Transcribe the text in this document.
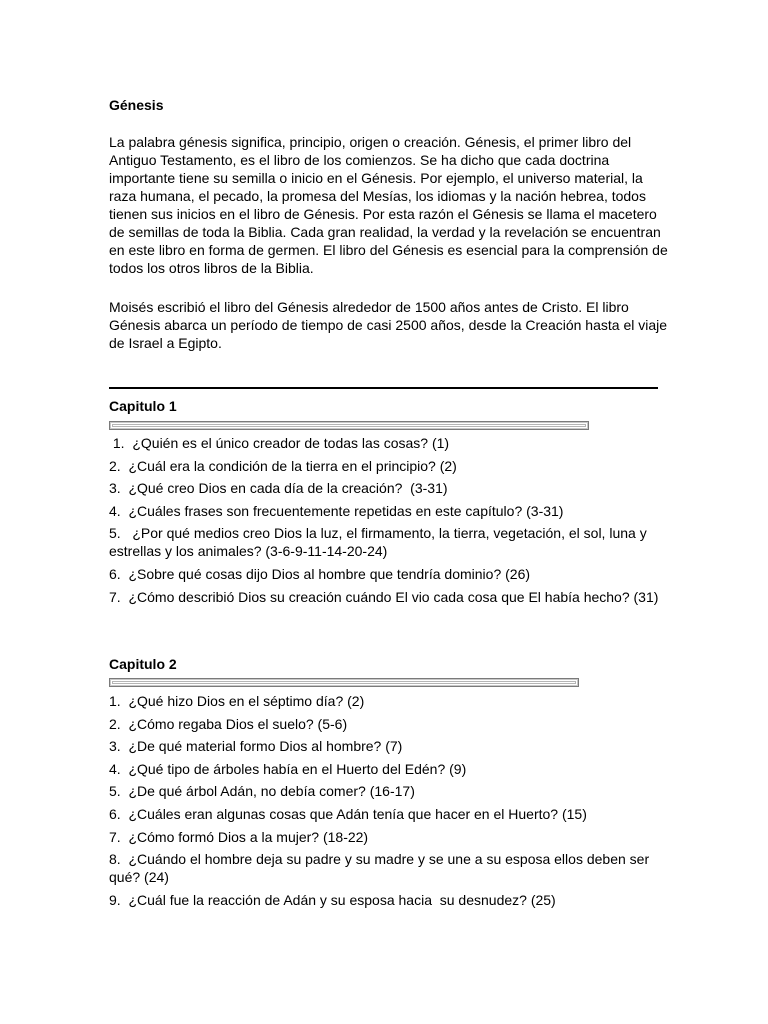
Génesis

La palabra génesis significa, principio, origen o creación. Génesis, el primer libro del Antiguo Testamento, es el libro de los comienzos. Se ha dicho que cada doctrina importante tiene su semilla o inicio en el Génesis. Por ejemplo, el universo material, la raza humana, el pecado, la promesa del Mesías, los idiomas y la nación hebrea, todos tienen sus inicios en el libro de Génesis. Por esta razón el Génesis se llama el macetero de semillas de toda la Biblia. Cada gran realidad, la verdad y la revelación se encuentran en este libro en forma de germen. El libro del Génesis es esencial para la comprensión de todos los otros libros de la Biblia.

Moisés escribió el libro del Génesis alrededor de 1500 años antes de Cristo. El libro Génesis abarca un período de tiempo de casi 2500 años, desde la Creación hasta el viaje de Israel a Egipto.

Capitulo 1
1.  ¿Quién es el único creador de todas las cosas? (1)
2.  ¿Cuál era la condición de la tierra en el principio? (2)
3.  ¿Qué creo Dios en cada día de la creación?  (3-31)
4.  ¿Cuáles frases son frecuentemente repetidas en este capítulo? (3-31)
5.   ¿Por qué medios creo Dios la luz, el firmamento, la tierra, vegetación, el sol, luna y estrellas y los animales? (3-6-9-11-14-20-24)
6.  ¿Sobre qué cosas dijo Dios al hombre que tendría dominio? (26)
7.  ¿Cómo describió Dios su creación cuándo El vio cada cosa que El había hecho? (31)
Capitulo 2
1.  ¿Qué hizo Dios en el séptimo día? (2)
2.  ¿Cómo regaba Dios el suelo? (5-6)
3.  ¿De qué material formo Dios al hombre? (7)
4.  ¿Qué tipo de árboles había en el Huerto del Edén? (9)
5.  ¿De qué árbol Adán, no debía comer? (16-17)
6.  ¿Cuáles eran algunas cosas que Adán tenía que hacer en el Huerto? (15)
7.  ¿Cómo formó Dios a la mujer? (18-22)
8.  ¿Cuándo el hombre deja su padre y su madre y se une a su esposa ellos deben ser  qué? (24)
9.  ¿Cuál fue la reacción de Adán y su esposa hacia  su desnudez? (25)
